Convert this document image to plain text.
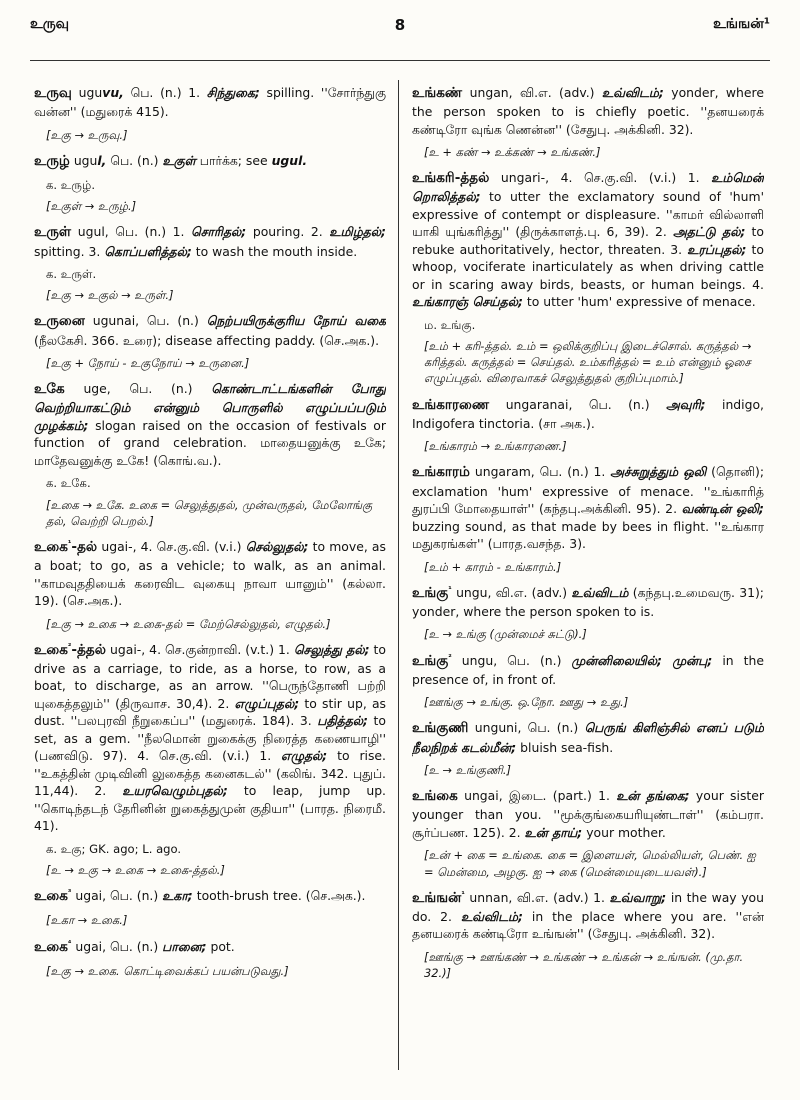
உருவு	8	உங்ஙன்¹
உருவு uguvu, பெ. (n.) 1. சிந்துகை; spilling. ''சோர்ந்துகு வன்ன'' (மதுரைக் 415).
[உகு → உருவு.]
உருழ் ugul, பெ. (n.) உகுள் பார்க்க; see ugul.
க. உருழ்.
[உகுள் → உருழ்.]
உருள் ugul, பெ. (n.) 1. சொரிதல்; pouring. 2. உமிழ்தல்; spitting. 3. கொப்பளித்தல்; to wash the mouth inside.
க. உருள்.
[உகு → உகுல் → உருள்.]
உருனை ugunai, பெ. (n.) நெற்பயிருக்குரிய நோய் வகை (நீலகேசி. 366. உரை); disease affecting paddy. (செ.அக.).
[உகு + நோய் - உகுநோய் → உருனை.]
உகே uge, பெ. (n.) கொண்டாட்டங்களின் போது வெற்றியாகட்டும் என்னும் பொருளில் எழுப்பப்படும் முழக்கம்; slogan raised on the occasion of festivals or function of grand celebration. மாதையனுக்கு உகே; மாதேவனுக்கு உகே! (கொங்.வ.).
க. உகே.
[உகை → உகே. உகை = செலுத்துதல், முன்வருதல், மேலோங்கு தல், வெற்றி பெறல்.]
உகை$^{^1}$-தல் ugai-, 4. செ.கு.வி. (v.i.) செல்லுதல்; to move, as a boat; to go, as a vehicle; to walk, as an animal. ''காமவுததியைக் கரைவிட வுகையு நாவா யானும்'' (கல்லா. 19). (செ.அக.).
[உகு → உகை → உகை-தல் = மேற்செல்லுதல், எழுதல்.]
உகை$^{^2}$-த்தல் ugai-, 4. செ.குன்றாவி. (v.t.) 1. செலுத்து தல்; to drive as a carriage, to ride, as a horse, to row, as a boat, to discharge, as an arrow. ''பெருந்தோணி பற்றி யுகைத்தலும்'' (திருவாச. 30,4). 2. எழுப்புதல்; to stir up, as dust. ''பலபுரவி நீறுகைப்ப'' (மதுரைக். 184). 3. பதித்தல்; to set, as a gem. ''நீலமொன் றுகைக்கு நிரைத்த கணையாழி'' (பணவிடு. 97). 4. செ.கு.வி. (v.i.) 1. எழுதல்; to rise. ''உகத்தின் முடிவினி லுகைத்த கனைகடல்'' (கலிங். 342. புதுப். 11,44). 2. உயரவெழும்புதல்; to leap, jump up. ''கொடிந்தடந் தேரினின் றுகைத்துமுன் குதியா'' (பாரத. நிரைமீ. 41).
க. உகு; GK. ago; L. ago.
[உ → உகு → உகை → உகை-த்தல்.]
உகை$^{^3}$ ugai, பெ. (n.) உகா; tooth-brush tree. (செ.அக.).
[உகா → உகை.]
உகை$^{^4}$ ugai, பெ. (n.) பானை; pot.
[உகு → உகை. கொட்டிவைக்கப் பயன்படுவது.]
உங்கண் ungan, வி.எ. (adv.) உவ்விடம்; yonder, where the person spoken to is chiefly poetic. ''தனயரைக் கண்டிரோ வுங்க ணென்ன'' (சேதுபு. அக்கினி. 32).
[உ + கண் → உக்கண் → உங்கண்.]
உங்கரி-த்தல் ungari-, 4. செ.கு.வி. (v.i.) 1. உம்மென் றொலித்தல்; to utter the exclamatory sound of 'hum' expressive of contempt or displeasure. ''காமர் வில்லாளி யாகி யுங்கரித்து'' (திருக்காளத்.பு. 6, 39). 2. அதட்டு தல்; to rebuke authoritatively, hector, threaten. 3. உரப்புதல்; to whoop, vociferate inarticulately as when driving cattle or in scaring away birds, beasts, or human beings. 4. உங்காரஞ் செய்தல்; to utter 'hum' expressive of menace.
ம. உங்கு.
[உம் + கரி-த்தல். உம் = ஒலிக்குறிப்பு இடைச்சொல். கருத்தல் → கரித்தல். கருத்தல் = செய்தல். உம்கரித்தல் = உம் என்னும் ஓசை எழுப்புதல். விரைவாகச் செலுத்துதல் குறிப்புமாம்.]
உங்காரணை ungaranai, பெ. (n.) அவுரி; indigo, Indigofera tinctoria. (சா அக.).
[உங்காரம் → உங்காரணை.]
உங்காரம் ungaram, பெ. (n.) 1. அச்சுறுத்தும் ஒலி (தொனி); exclamation 'hum' expressive of menace. ''உங்காரித் துரப்பி மோதையாள்'' (கந்தபு.அக்கினி. 95). 2. வண்டின் ஒலி; buzzing sound, as that made by bees in flight. ''உங்கார மதுகரங்கள்'' (பாரத.வசந்த. 3).
[உம் + காரம் - உங்காரம்.]
உங்கு$^{^1}$ ungu, வி.எ. (adv.) உவ்விடம் (கந்தபு.உமைவரு. 31); yonder, where the person spoken to is.
[உ → உங்கு (முன்மைச் சுட்டு).]
உங்கு$^{^2}$ ungu, பெ. (n.) முன்னிலையில்; முன்பு; in the presence of, in front of.
[ஊங்கு → உங்கு. ஒ.நோ. ஊது → உது.]
உங்குணி unguni, பெ. (n.) பெருங் கிளிஞ்சில் எனப் படும் நீலநிறக் கடல்மீன்; bluish sea-fish.
[உ → உங்குணி.]
உங்கை ungai, இடை. (part.) 1. உன் தங்கை; your sister younger than you. ''மூக்குங்கையரியுண்டாள்'' (கம்பரா. சூர்ப்பண. 125). 2. உன் தாய்; your mother.
[உன் + கை = உங்கை. கை = இளையள், மெல்லியள், பெண். ஐ = மென்மை, அழகு. ஐ → கை (மென்மையுடையவள்).]
உங்ஙன்$^{^1}$ unnan, வி.எ. (adv.) 1. உவ்வாறு; in the way you do. 2. உவ்விடம்; in the place where you are. ''என் தனயரைக் கண்டிரோ உங்ஙன்'' (சேதுபு. அக்கினி. 32).
[ஊங்கு → ஊங்கண் → உங்கண் → உங்கன் → உங்ஙன். (மு.தா. 32.)]
